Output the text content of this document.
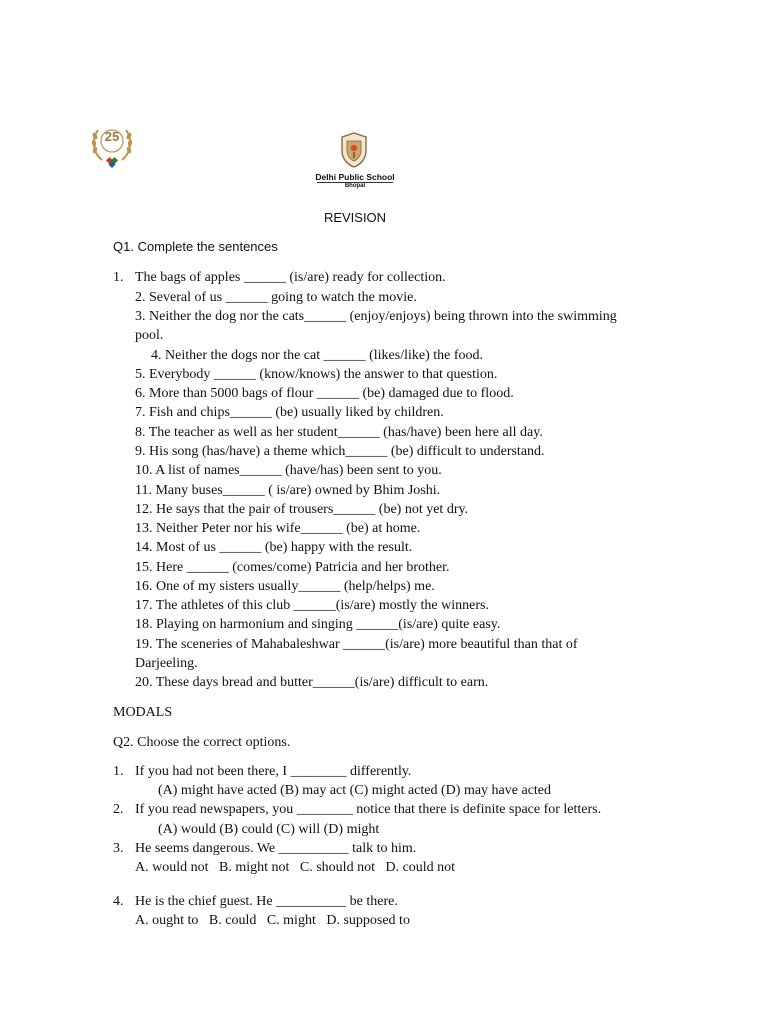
25
Delhi Public School
Bhopal
REVISION
Q1. Complete the sentences
1. The bags of apples ______ (is/are) ready for collection.
2. Several of us ______ going to watch the movie.
3. Neither the dog nor the cats______ (enjoy/enjoys) being thrown into the swimming
pool.
4. Neither the dogs nor the cat ______ (likes/like) the food.
5. Everybody ______ (know/knows) the answer to that question.
6. More than 5000 bags of flour ______ (be) damaged due to flood.
7. Fish and chips______ (be) usually liked by children.
8. The teacher as well as her student______ (has/have) been here all day.
9. His song (has/have) a theme which______ (be) difficult to understand.
10. A list of names______ (have/has) been sent to you.
11. Many buses______ ( is/are) owned by Bhim Joshi.
12. He says that the pair of trousers______ (be) not yet dry.
13. Neither Peter nor his wife______ (be) at home.
14. Most of us ______ (be) happy with the result.
15. Here ______ (comes/come) Patricia and her brother.
16. One of my sisters usually______ (help/helps) me.
17. The athletes of this club ______(is/are) mostly the winners.
18. Playing on harmonium and singing ______(is/are) quite easy.
19. The sceneries of Mahabaleshwar ______(is/are) more beautiful than that of
Darjeeling.
20. These days bread and butter______(is/are) difficult to earn.
MODALS
Q2. Choose the correct options.
1. If you had not been there, I ________ differently.
(A) might have acted (B) may act (C) might acted (D) may have acted
2. If you read newspapers, you ________ notice that there is definite space for letters.
(A) would (B) could (C) will (D) might
3. He seems dangerous. We __________ talk to him.
A. would not   B. might not   C. should not   D. could not
4. He is the chief guest. He __________ be there.
A. ought to   B. could   C. might   D. supposed to
